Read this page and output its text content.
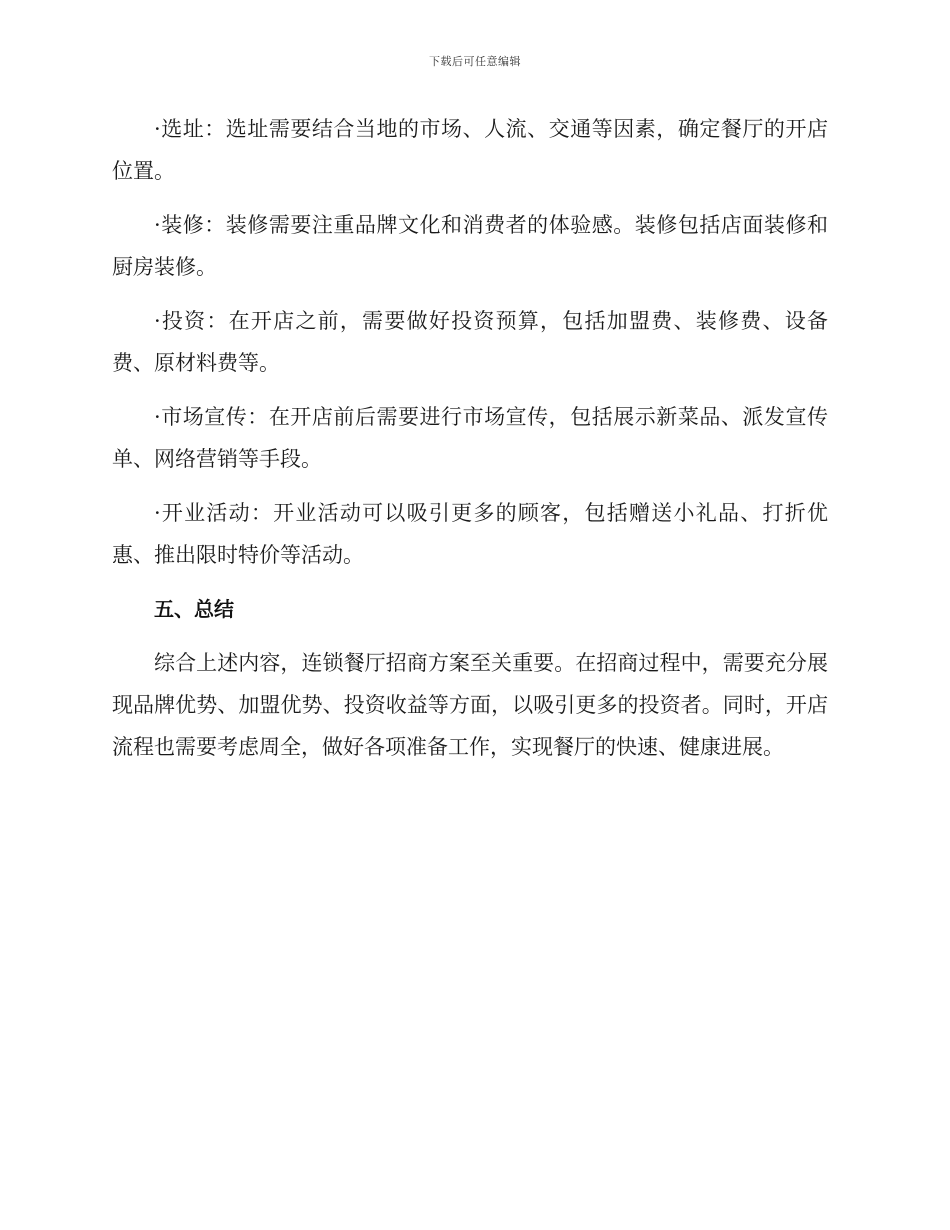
下载后可任意编辑

·选址：选址需要结合当地的市场、人流、交通等因素，确定餐厅的开店位置。

·装修：装修需要注重品牌文化和消费者的体验感。装修包括店面装修和厨房装修。

·投资：在开店之前，需要做好投资预算，包括加盟费、装修费、设备费、原材料费等。

·市场宣传：在开店前后需要进行市场宣传，包括展示新菜品、派发宣传单、网络营销等手段。

·开业活动：开业活动可以吸引更多的顾客，包括赠送小礼品、打折优惠、推出限时特价等活动。

五、总结

综合上述内容，连锁餐厅招商方案至关重要。在招商过程中，需要充分展现品牌优势、加盟优势、投资收益等方面，以吸引更多的投资者。同时，开店流程也需要考虑周全，做好各项准备工作，实现餐厅的快速、健康进展。
